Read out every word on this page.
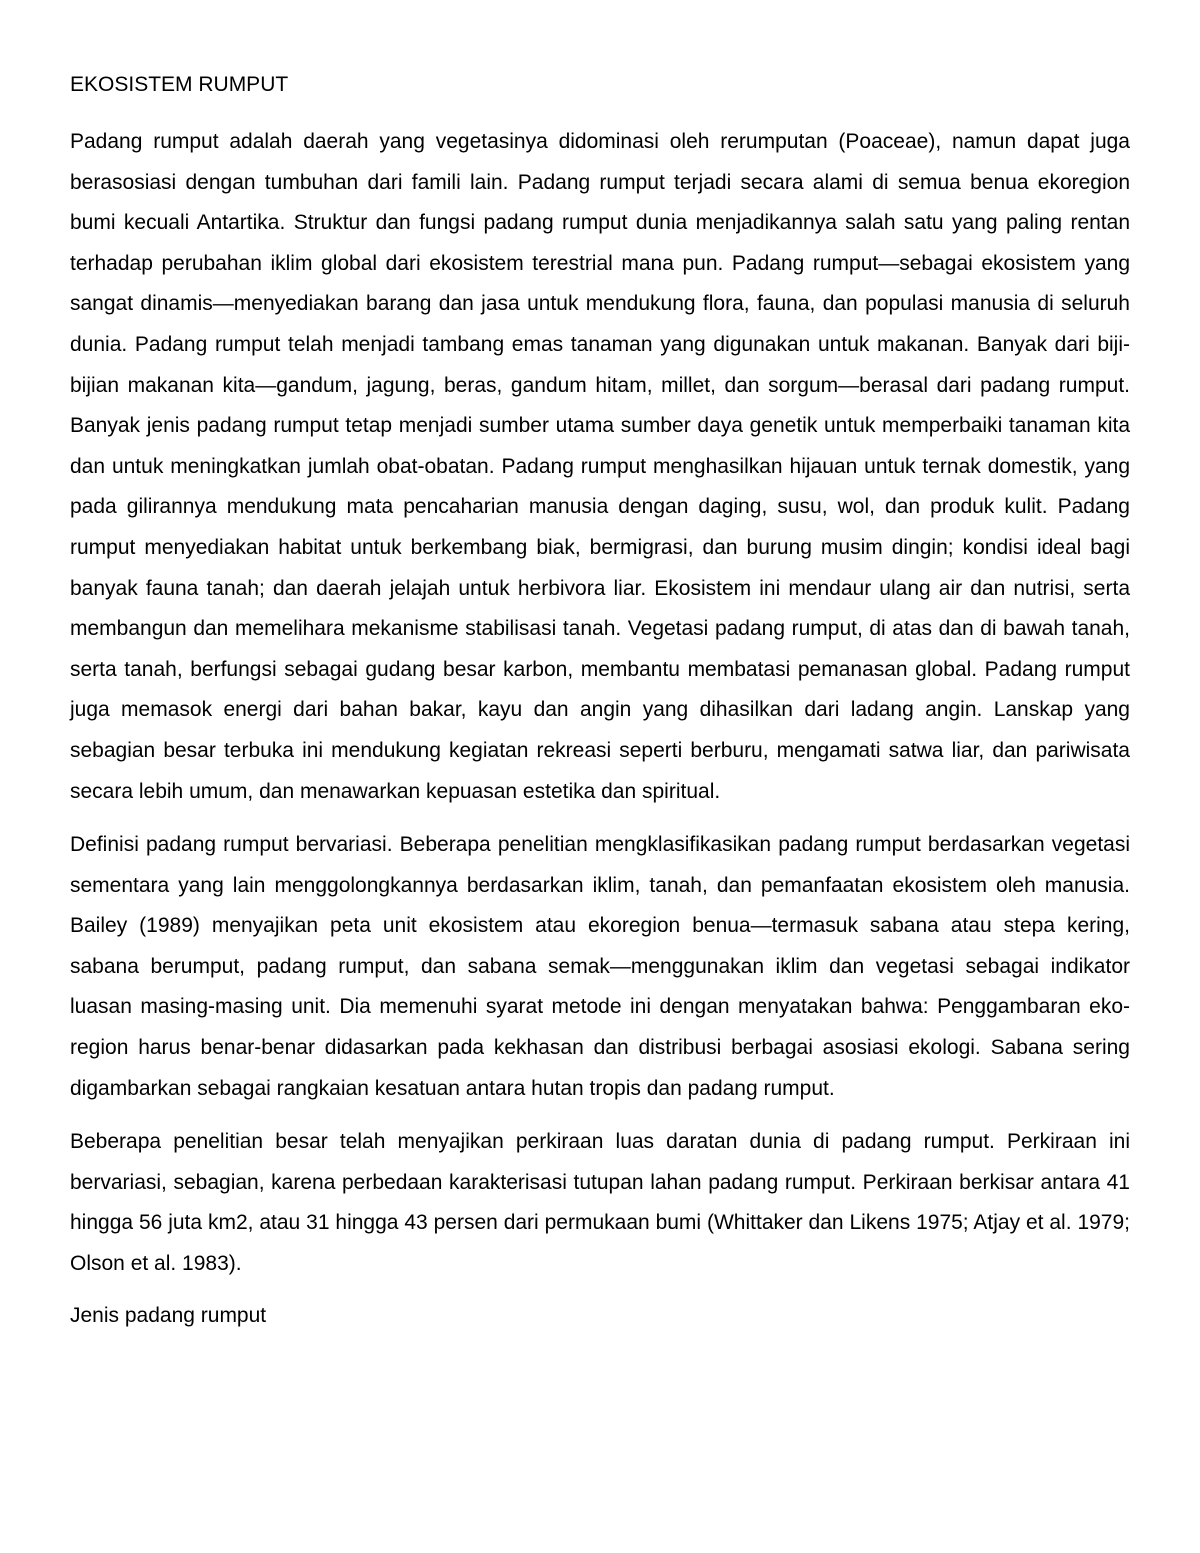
EKOSISTEM RUMPUT

Padang rumput adalah daerah yang vegetasinya didominasi oleh rerumputan (Poaceae), namun dapat juga berasosiasi dengan tumbuhan dari famili lain. Padang rumput terjadi secara alami di semua benua ekoregion bumi kecuali Antartika. Struktur dan fungsi padang rumput dunia menjadikannya salah satu yang paling rentan terhadap perubahan iklim global dari ekosistem terestrial mana pun. Padang rumput—sebagai ekosistem yang sangat dinamis—menyediakan barang dan jasa untuk mendukung flora, fauna, dan populasi manusia di seluruh dunia. Padang rumput telah menjadi tambang emas tanaman yang digunakan untuk makanan. Banyak dari biji-bijian makanan kita—gandum, jagung, beras, gandum hitam, millet, dan sorgum—berasal dari padang rumput. Banyak jenis padang rumput tetap menjadi sumber utama sumber daya genetik untuk memperbaiki tanaman kita dan untuk meningkatkan jumlah obat-obatan. Padang rumput menghasilkan hijauan untuk ternak domestik, yang pada gilirannya mendukung mata pencaharian manusia dengan daging, susu, wol, dan produk kulit. Padang rumput menyediakan habitat untuk berkembang biak, bermigrasi, dan burung musim dingin; kondisi ideal bagi banyak fauna tanah; dan daerah jelajah untuk herbivora liar. Ekosistem ini mendaur ulang air dan nutrisi, serta membangun dan memelihara mekanisme stabilisasi tanah. Vegetasi padang rumput, di atas dan di bawah tanah, serta tanah, berfungsi sebagai gudang besar karbon, membantu membatasi pemanasan global. Padang rumput juga memasok energi dari bahan bakar, kayu dan angin yang dihasilkan dari ladang angin. Lanskap yang sebagian besar terbuka ini mendukung kegiatan rekreasi seperti berburu, mengamati satwa liar, dan pariwisata secara lebih umum, dan menawarkan kepuasan estetika dan spiritual.

Definisi padang rumput bervariasi. Beberapa penelitian mengklasifikasikan padang rumput berdasarkan vegetasi sementara yang lain menggolongkannya berdasarkan iklim, tanah, dan pemanfaatan ekosistem oleh manusia. Bailey (1989) menyajikan peta unit ekosistem atau ekoregion benua—termasuk sabana atau stepa kering, sabana berumput, padang rumput, dan sabana semak—menggunakan iklim dan vegetasi sebagai indikator luasan masing-masing unit. Dia memenuhi syarat metode ini dengan menyatakan bahwa: Penggambaran eko-region harus benar-benar didasarkan pada kekhasan dan distribusi berbagai asosiasi ekologi. Sabana sering digambarkan sebagai rangkaian kesatuan antara hutan tropis dan padang rumput.

Beberapa penelitian besar telah menyajikan perkiraan luas daratan dunia di padang rumput. Perkiraan ini bervariasi, sebagian, karena perbedaan karakterisasi tutupan lahan padang rumput. Perkiraan berkisar antara 41 hingga 56 juta km2, atau 31 hingga 43 persen dari permukaan bumi (Whittaker dan Likens 1975; Atjay et al. 1979; Olson et al. 1983).

Jenis padang rumput
